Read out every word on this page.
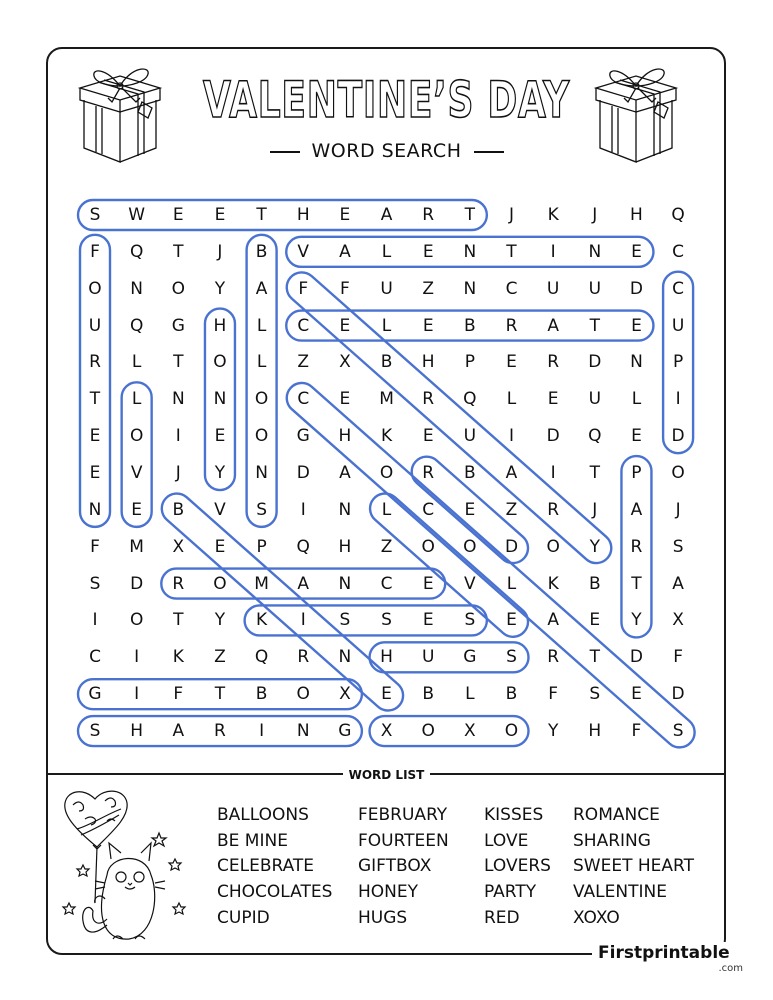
VALENTINE’S DAY
WORD SEARCH
S	W	E	E	T	H	E	A	R	T	J	K	J	H	Q
F	Q	T	J	B	V	A	L	E	N	T	I	N	E	C
O	N	O	Y	A	F	F	U	Z	N	C	U	U	D	C
U	Q	G	H	L	C	E	L	E	B	R	A	T	E	U
R	L	T	O	L	Z	X	B	H	P	E	R	D	N	P
T	L	N	N	O	C	E	M	R	Q	L	E	U	L	I
E	O	I	E	O	G	H	K	E	U	I	D	Q	E	D
E	V	J	Y	N	D	A	O	R	B	A	I	T	P	O
N	E	B	V	S	I	N	L	C	E	Z	R	J	A	J
F	M	X	E	P	Q	H	Z	O	O	D	O	Y	R	S
S	D	R	O	M	A	N	C	E	V	L	K	B	T	A
I	O	T	Y	K	I	S	S	E	S	E	A	E	Y	X
C	I	K	Z	Q	R	N	H	U	G	S	R	T	D	F
G	I	F	T	B	O	X	E	B	L	B	F	S	E	D
S	H	A	R	I	N	G	X	O	X	O	Y	H	F	S
WORD LIST
BALLOONS
BE MINE
CELEBRATE
CHOCOLATES
CUPID
FEBRUARY
FOURTEEN
GIFTBOX
HONEY
HUGS
KISSES
LOVE
LOVERS
PARTY
RED
ROMANCE
SHARING
SWEET HEART
VALENTINE
XOXO
Firstprintable
.com
